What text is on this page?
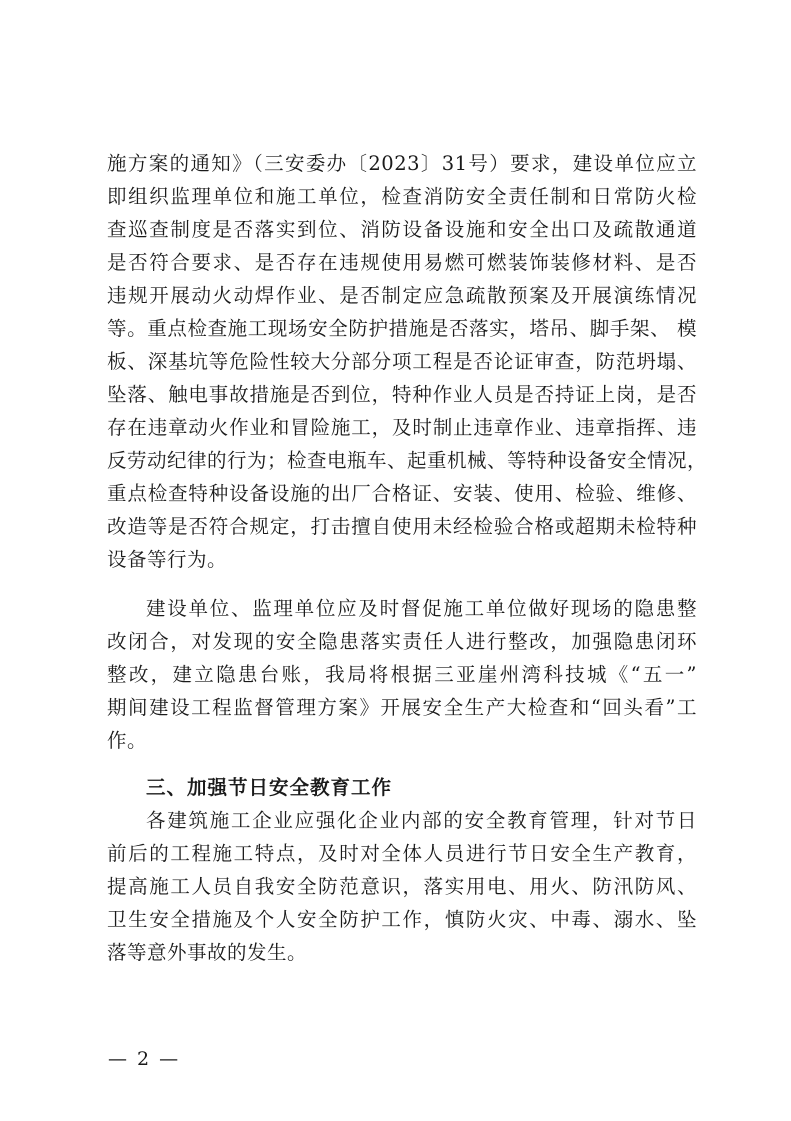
施方案的通知》（三安委办〔2023〕31号）要求，建设单位应立
即组织监理单位和施工单位，检查消防安全责任制和日常防火检
查巡查制度是否落实到位、消防设备设施和安全出口及疏散通道
是否符合要求、是否存在违规使用易燃可燃装饰装修材料、是否
违规开展动火动焊作业、是否制定应急疏散预案及开展演练情况
等。重点检查施工现场安全防护措施是否落实，塔吊、脚手架、 模
板、深基坑等危险性较大分部分项工程是否论证审查，防范坍塌、
坠落、触电事故措施是否到位，特种作业人员是否持证上岗，是否
存在违章动火作业和冒险施工，及时制止违章作业、违章指挥、违
反劳动纪律的行为；检查电瓶车、起重机械、等特种设备安全情况，
重点检查特种设备设施的出厂合格证、安装、使用、检验、维修、
改造等是否符合规定，打击擅自使用未经检验合格或超期未检特种
设备等行为。
建设单位、监理单位应及时督促施工单位做好现场的隐患整
改闭合，对发现的安全隐患落实责任人进行整改，加强隐患闭环
整改，建立隐患台账，我局将根据三亚崖州湾科技城《“五一”
期间建设工程监督管理方案》开展安全生产大检查和“回头看”工
作。
三、加强节日安全教育工作
各建筑施工企业应强化企业内部的安全教育管理，针对节日
前后的工程施工特点，及时对全体人员进行节日安全生产教育，
提高施工人员自我安全防范意识，落实用电、用火、防汛防风、
卫生安全措施及个人安全防护工作，慎防火灾、中毒、溺水、坠
落等意外事故的发生。
— 2 —
